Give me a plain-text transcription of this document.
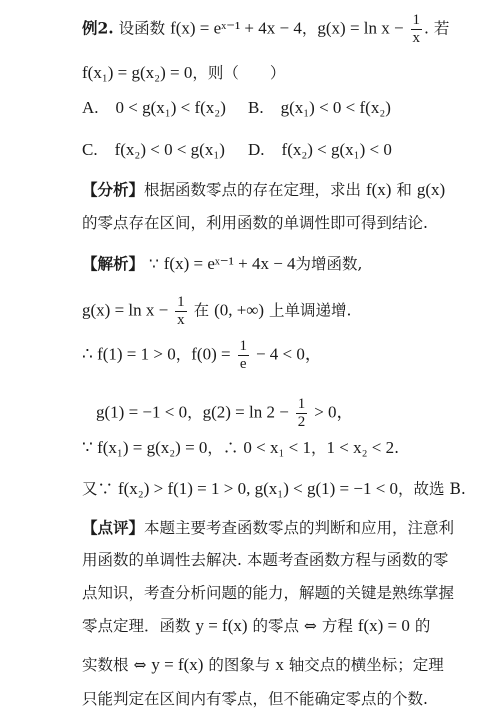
例2. 设函数 f(x) = eˣ⁻¹ + 4x − 4，$g(x) = \ln x - \frac{1}{x}$ . 若
f(x₁) = g(x₂) = 0，则（　　）
A.　0 < g(x₁) < f(x₂) B.　g(x₁) < 0 < f(x₂)
C.　f(x₂) < 0 < g(x₁) D.　f(x₂) < g(x₁) < 0
【分析】根据函数零点的存在定理，求出 f(x) 和 g(x)
的零点存在区间，利用函数的单调性即可得到结论.
【解析】 ∵ f(x) = eˣ⁻¹ + 4x − 4为增函数,
$g(x) = \ln x - \frac{1}{x}$ 在 (0, +∞) 上单调递增.
∴ f(1) = 1 > 0，$f(0) = \frac{1}{e} - 4 < 0$，
g(1) = −1 < 0，$g(2) = \ln 2 - \frac{1}{2} > 0$，
∵ f(x₁) = g(x₂) = 0，∴ 0 < x₁ < 1，1 < x₂ < 2.
又∵ f(x₂) > f(1) = 1 > 0, g(x₁) < g(1) = −1 < 0，故选 B.
【点评】本题主要考查函数零点的判断和应用，注意利
用函数的单调性去解决. 本题考查函数方程与函数的零
点知识，考查分析问题的能力，解题的关键是熟练掌握
零点定理．函数 y = f(x) 的零点 ⇔ 方程 f(x) = 0 的
实数根 ⇔ y = f(x) 的图象与 x 轴交点的横坐标；定理
只能判定在区间内有零点，但不能确定零点的个数.
